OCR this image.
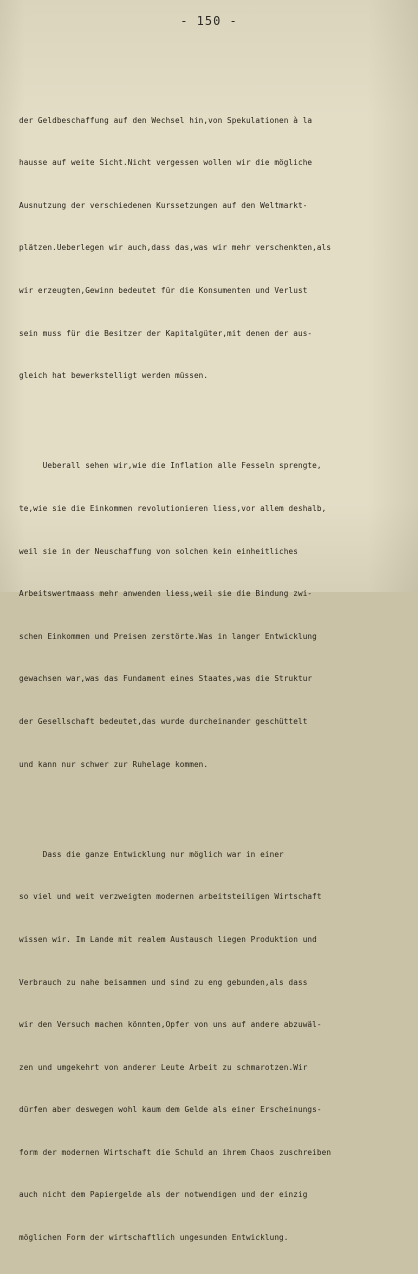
- 150 -

der Geldbeschaffung auf den Wechsel hin,von Spekulationen à la

hausse auf weite Sicht.Nicht vergessen wollen wir die mögliche

Ausnutzung der verschiedenen Kurssetzungen auf den Weltmarkt-

plätzen.Ueberlegen wir auch,dass das,was wir mehr verschenkten,als

wir erzeugten,Gewinn bedeutet für die Konsumenten und Verlust

sein muss für die Besitzer der Kapitalgüter,mit denen der aus-

gleich hat bewerkstelligt werden müssen.

Ueberall sehen wir,wie die Inflation alle Fesseln sprengte,

te,wie sie die Einkommen revolutionieren liess,vor allem deshalb,

weil sie in der Neuschaffung von solchen kein einheitliches

Arbeitswertmaass mehr anwenden liess,weil sie die Bindung zwi-

schen Einkommen und Preisen zerstörte.Was in langer Entwicklung

gewachsen war,was das Fundament eines Staates,was die Struktur

der Gesellschaft bedeutet,das wurde durcheinander geschüttelt

und kann nur schwer zur Ruhelage kommen.

Dass die ganze Entwicklung nur möglich war in einer

so viel und weit verzweigten modernen arbeitsteiligen Wirtschaft

wissen wir. Im Lande mit realem Austausch liegen Produktion und

Verbrauch zu nahe beisammen und sind zu eng gebunden,als dass

wir den Versuch machen könnten,Opfer von uns auf andere abzuwäl-

zen und umgekehrt von anderer Leute Arbeit zu schmarotzen.Wir

dürfen aber deswegen wohl kaum dem Gelde als einer Erscheinungs-

form der modernen Wirtschaft die Schuld an ihrem Chaos zuschreiben

auch nicht dem Papiergelde als der notwendigen und der einzig

möglichen Form der wirtschaftlich ungesunden Entwicklung.
